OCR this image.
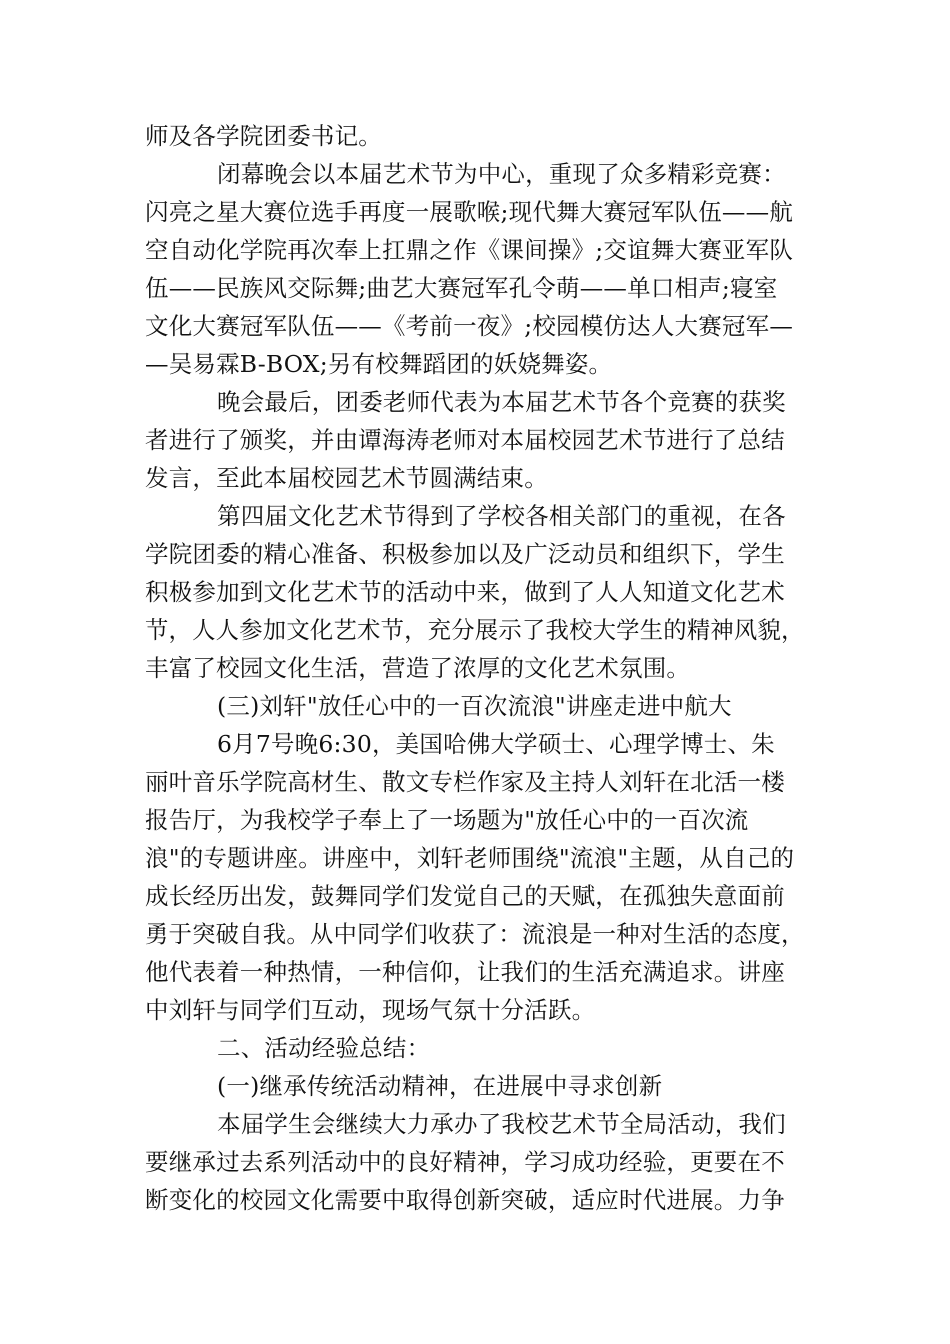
师及各学院团委书记。
闭幕晚会以本届艺术节为中心，重现了众多精彩竞赛：
闪亮之星大赛位选手再度一展歌喉;现代舞大赛冠军队伍——航
空自动化学院再次奉上扛鼎之作《课间操》;交谊舞大赛亚军队
伍——民族风交际舞;曲艺大赛冠军孔令萌——单口相声;寝室
文化大赛冠军队伍——《考前一夜》;校园模仿达人大赛冠军—
—吴易霖B-BOX;另有校舞蹈团的妖娆舞姿。
晚会最后，团委老师代表为本届艺术节各个竞赛的获奖
者进行了颁奖，并由谭海涛老师对本届校园艺术节进行了总结
发言，至此本届校园艺术节圆满结束。
第四届文化艺术节得到了学校各相关部门的重视，在各
学院团委的精心准备、积极参加以及广泛动员和组织下，学生
积极参加到文化艺术节的活动中来，做到了人人知道文化艺术
节，人人参加文化艺术节，充分展示了我校大学生的精神风貌，
丰富了校园文化生活，营造了浓厚的文化艺术氛围。
(三)刘轩"放任心中的一百次流浪"讲座走进中航大
6月7号晚6:30，美国哈佛大学硕士、心理学博士、朱
丽叶音乐学院高材生、散文专栏作家及主持人刘轩在北活一楼
报告厅，为我校学子奉上了一场题为"放任心中的一百次流
浪"的专题讲座。讲座中，刘轩老师围绕"流浪"主题，从自己的
成长经历出发，鼓舞同学们发觉自己的天赋，在孤独失意面前
勇于突破自我。从中同学们收获了：流浪是一种对生活的态度，
他代表着一种热情，一种信仰，让我们的生活充满追求。讲座
中刘轩与同学们互动，现场气氛十分活跃。
二、活动经验总结：
(一)继承传统活动精神，在进展中寻求创新
本届学生会继续大力承办了我校艺术节全局活动，我们
要继承过去系列活动中的良好精神，学习成功经验，更要在不
断变化的校园文化需要中取得创新突破，适应时代进展。力争
